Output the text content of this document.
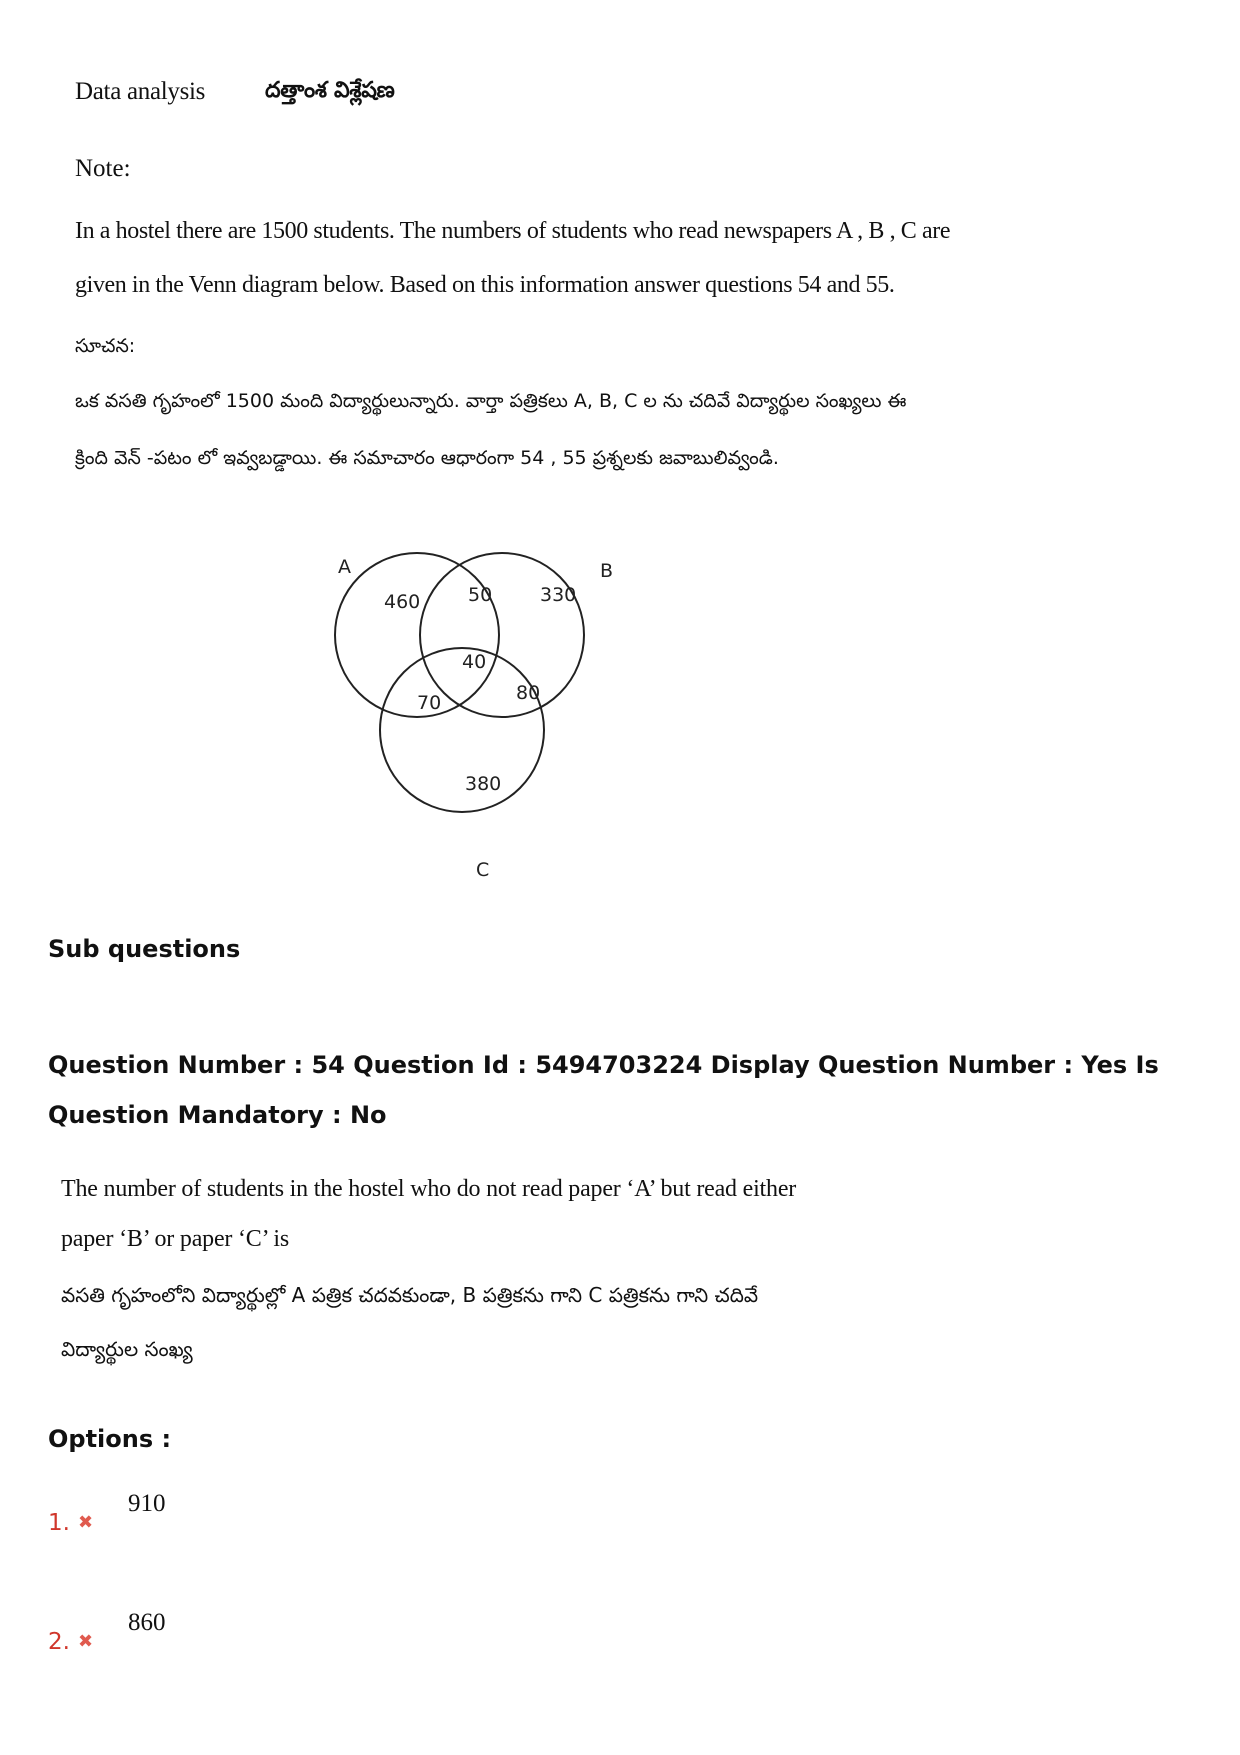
Data analysis	దత్తాంశ విశ్లేషణ
Note:
In a hostel there are 1500 students. The numbers of students who read newspapers A , B , C are
given in the Venn diagram below. Based on this information answer questions 54 and 55.
సూచన:
ఒక వసతి గృహంలో 1500 మంది విద్యార్థులున్నారు. వార్తా పత్రికలు A, B, C ల ను చదివే విద్యార్థుల సంఖ్యలు ఈ
క్రింది వెన్ -పటం లో ఇవ్వబడ్డాయి. ఈ సమాచారం ఆధారంగా 54 , 55 ప్రశ్నలకు జవాబులివ్వండి.
A	B
C
460	50	330
40
70	80
380
Sub questions
Question Number : 54 Question Id : 5494703224 Display Question Number : Yes Is Question Mandatory : No
The number of students in the hostel who do not read paper ‘A’ but read either
paper ‘B’ or paper ‘C’ is
వసతి గృహంలోని విద్యార్థుల్లో A పత్రిక చదవకుండా, B పత్రికను గాని C పత్రికను గాని చదివే
విద్యార్థుల సంఖ్య
Options :
1. ✖
910
2. ✖
860
